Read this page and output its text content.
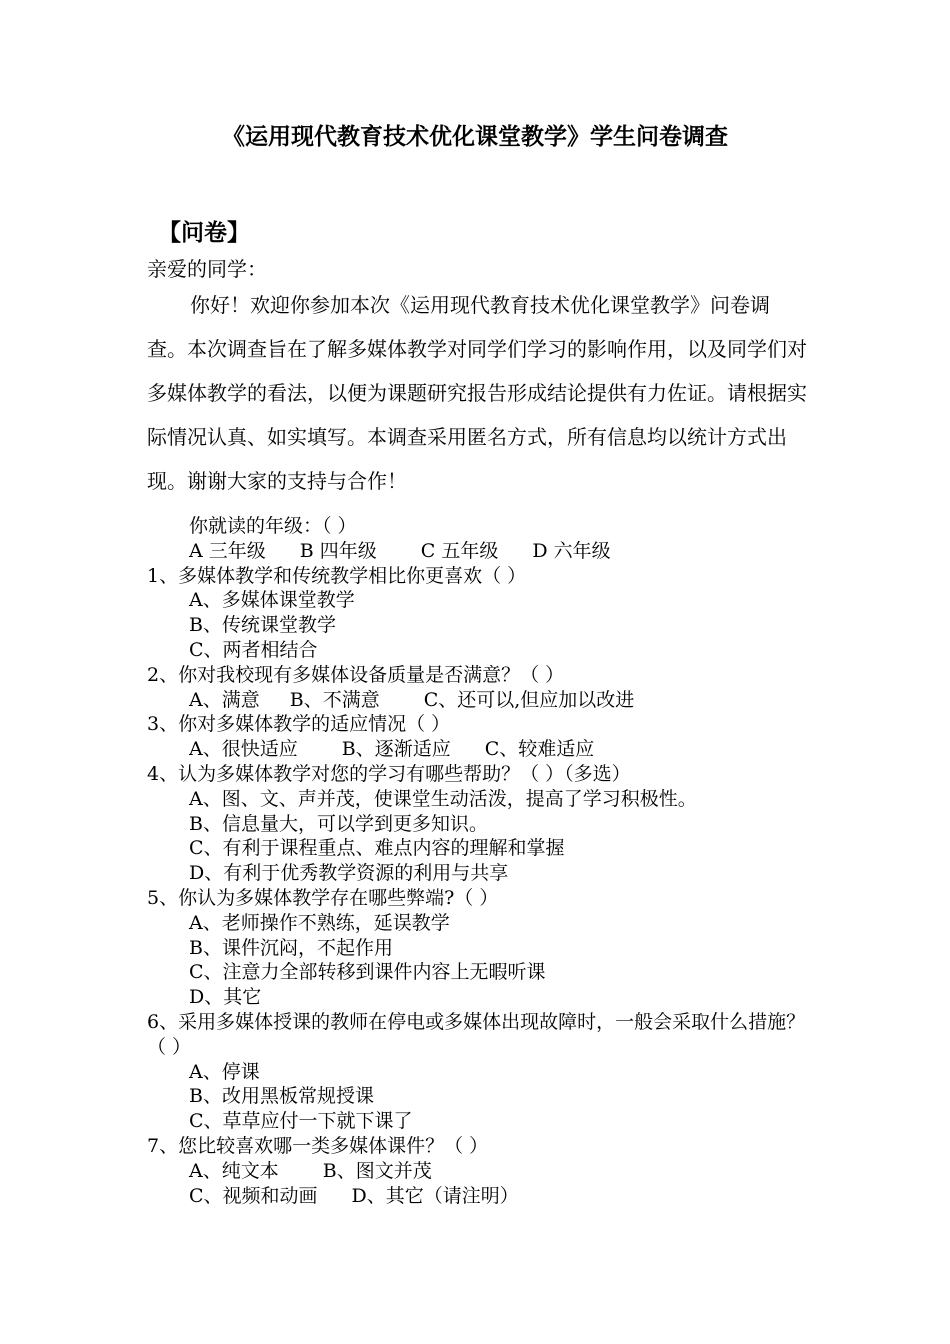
《运用现代教育技术优化课堂教学》学生问卷调查
【问卷】

亲爱的同学：

你好！欢迎你参加本次《运用现代教育技术优化课堂教学》问卷调查。本次调查旨在了解多媒体教学对同学们学习的影响作用，以及同学们对多媒体教学的看法，以便为课题研究报告形成结论提供有力佐证。请根据实际情况认真、如实填写。本调查采用匿名方式，所有信息均以统计方式出现。谢谢大家的支持与合作！

你就读的年级：（ ）
A 三年级 B 四年级 C 五年级 D 六年级
1、多媒体教学和传统教学相比你更喜欢（ ）
A、多媒体课堂教学
B、传统课堂教学
C、两者相结合
2、你对我校现有多媒体设备质量是否满意？（ ）
A、满意 B、不满意 C、还可以,但应加以改进
3、你对多媒体教学的适应情况（ ）
A、很快适应 B、逐渐适应 C、较难适应
4、认为多媒体教学对您的学习有哪些帮助？（ ）（多选）
A、图、文、声并茂，使课堂生动活泼，提高了学习积极性。
B、信息量大，可以学到更多知识。
C、有利于课程重点、难点内容的理解和掌握
D、有利于优秀教学资源的利用与共享
5、你认为多媒体教学存在哪些弊端?（ ）
A、老师操作不熟练，延误教学
B、课件沉闷，不起作用
C、注意力全部转移到课件内容上无暇听课
D、其它
6、采用多媒体授课的教师在停电或多媒体出现故障时，一般会采取什么措施？（ ）
A、停课
B、改用黑板常规授课
C、草草应付一下就下课了
7、您比较喜欢哪一类多媒体课件？（ ）
A、纯文本 B、图文并茂
C、视频和动画 D、其它（请注明）
